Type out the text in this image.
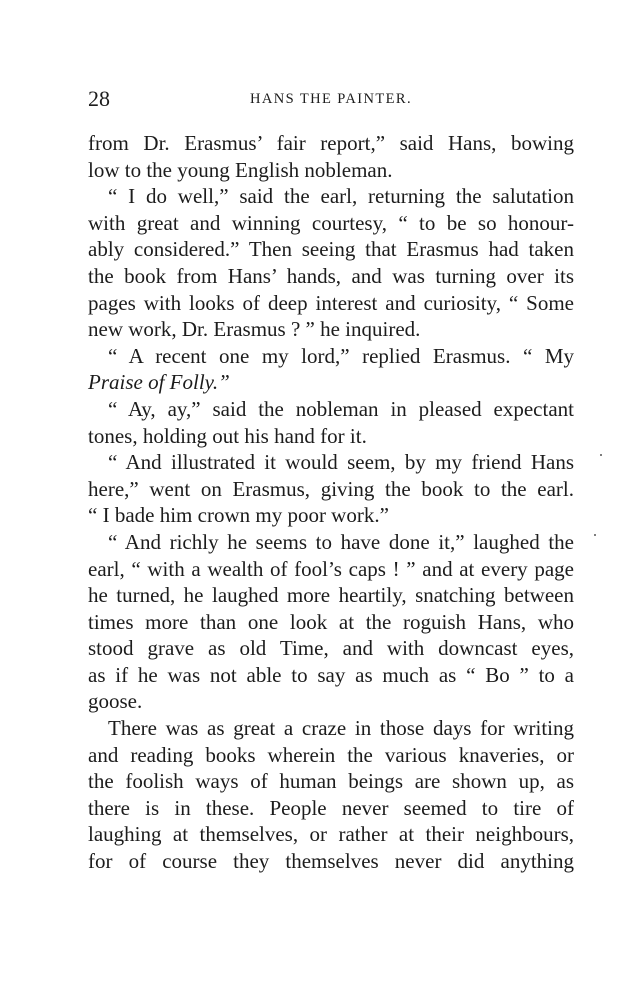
28	HANS THE PAINTER.
from Dr. Erasmus’ fair report,” said Hans, bowing
low to the young English nobleman.
“ I do well,” said the earl, returning the salutation
with great and winning courtesy, “ to be so honour-
ably considered.” Then seeing that Erasmus had taken
the book from Hans’ hands, and was turning over its
pages with looks of deep interest and curiosity, “ Some
new work, Dr. Erasmus ? ” he inquired.
“ A recent one my lord,” replied Erasmus. “ My
Praise of Folly.”
“ Ay, ay,” said the nobleman in pleased expectant
tones, holding out his hand for it.
“ And illustrated it would seem, by my friend Hans
here,” went on Erasmus, giving the book to the earl.
“ I bade him crown my poor work.”
“ And richly he seems to have done it,” laughed the
earl, “ with a wealth of fool’s caps ! ” and at every page
he turned, he laughed more heartily, snatching between
times more than one look at the roguish Hans, who
stood grave as old Time, and with downcast eyes,
as if he was not able to say as much as “ Bo ” to a
goose.
There was as great a craze in those days for writing
and reading books wherein the various knaveries, or
the foolish ways of human beings are shown up, as
there is in these. People never seemed to tire of
laughing at themselves, or rather at their neighbours,
for of course they themselves never did anything
